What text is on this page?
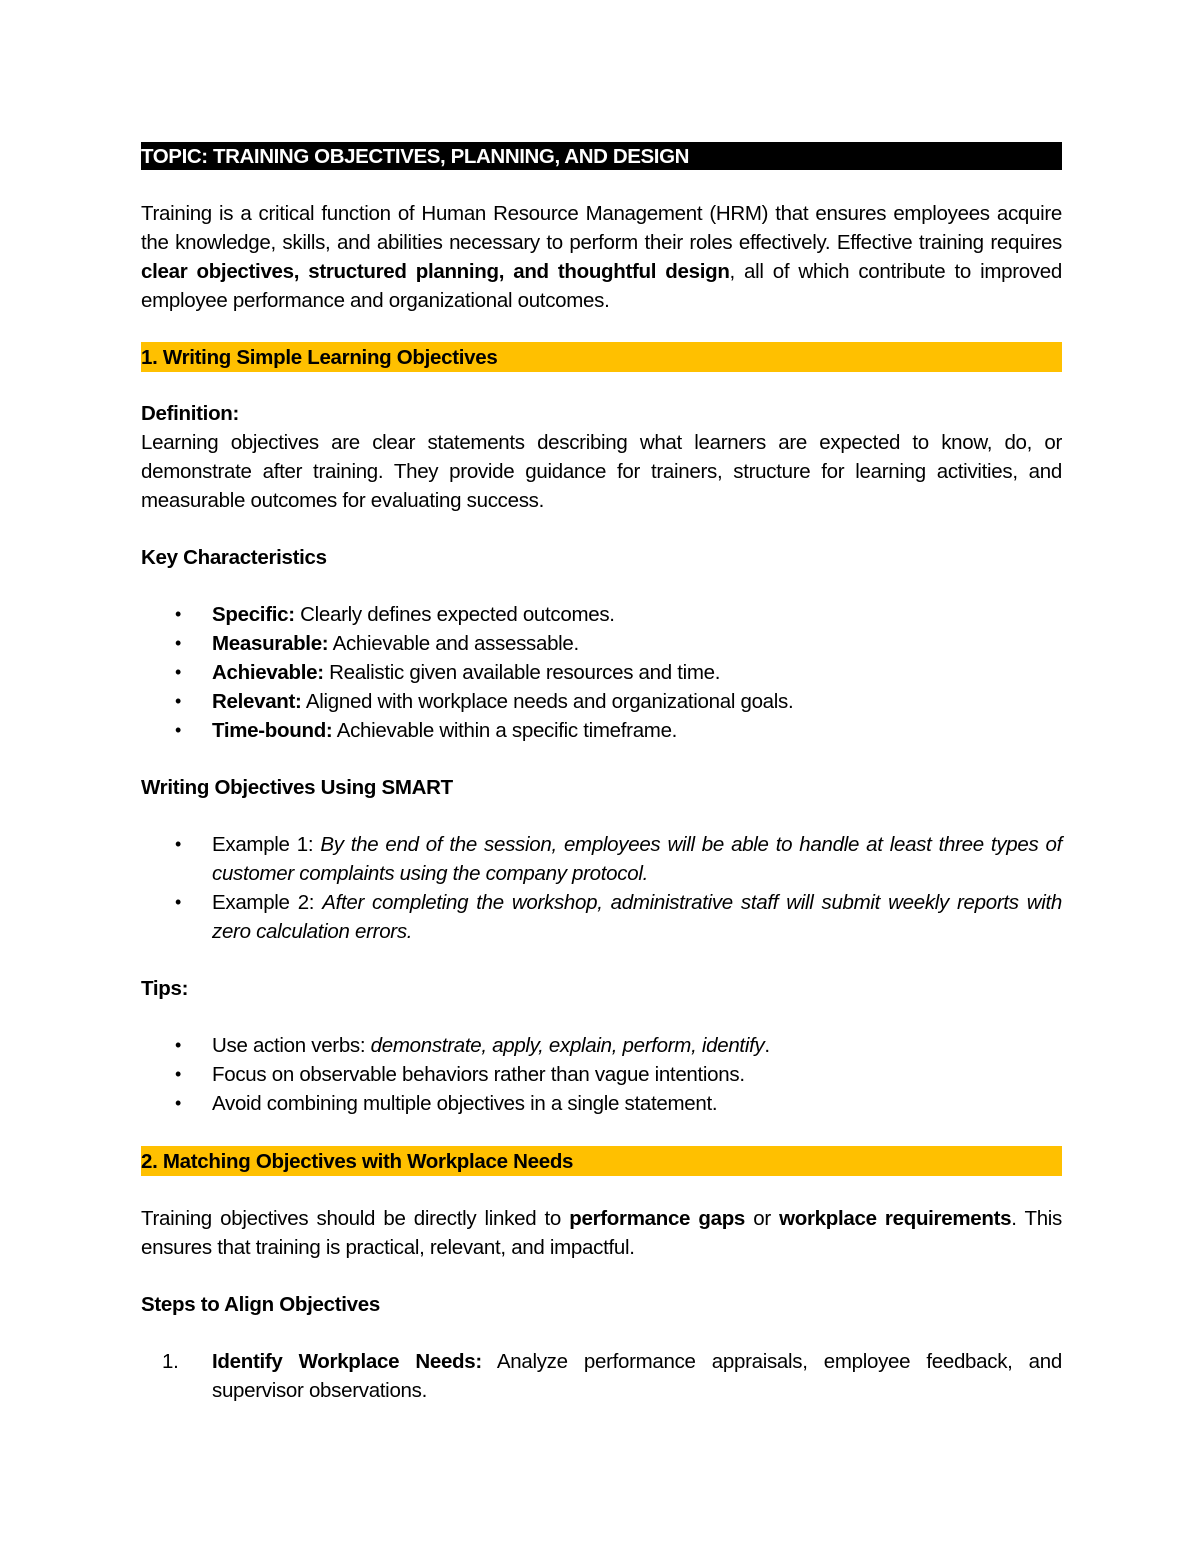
TOPIC: TRAINING OBJECTIVES, PLANNING, AND DESIGN

Training is a critical function of Human Resource Management (HRM) that ensures employees acquire the knowledge, skills, and abilities necessary to perform their roles effectively. Effective training requires clear objectives, structured planning, and thoughtful design, all of which contribute to improved employee performance and organizational outcomes.

1. Writing Simple Learning Objectives

Definition:

Learning objectives are clear statements describing what learners are expected to know, do, or demonstrate after training. They provide guidance for trainers, structure for learning activities, and measurable outcomes for evaluating success.

Key Characteristics

• Specific: Clearly defines expected outcomes.
• Measurable: Achievable and assessable.
• Achievable: Realistic given available resources and time.
• Relevant: Aligned with workplace needs and organizational goals.
• Time-bound: Achievable within a specific timeframe.

Writing Objectives Using SMART

• Example 1: By the end of the session, employees will be able to handle at least three types of customer complaints using the company protocol.
• Example 2: After completing the workshop, administrative staff will submit weekly reports with zero calculation errors.

Tips:

• Use action verbs: demonstrate, apply, explain, perform, identify.
• Focus on observable behaviors rather than vague intentions.
• Avoid combining multiple objectives in a single statement.
2. Matching Objectives with Workplace Needs

Training objectives should be directly linked to performance gaps or workplace requirements. This ensures that training is practical, relevant, and impactful.

Steps to Align Objectives

1. Identify Workplace Needs: Analyze performance appraisals, employee feedback, and supervisor observations.
